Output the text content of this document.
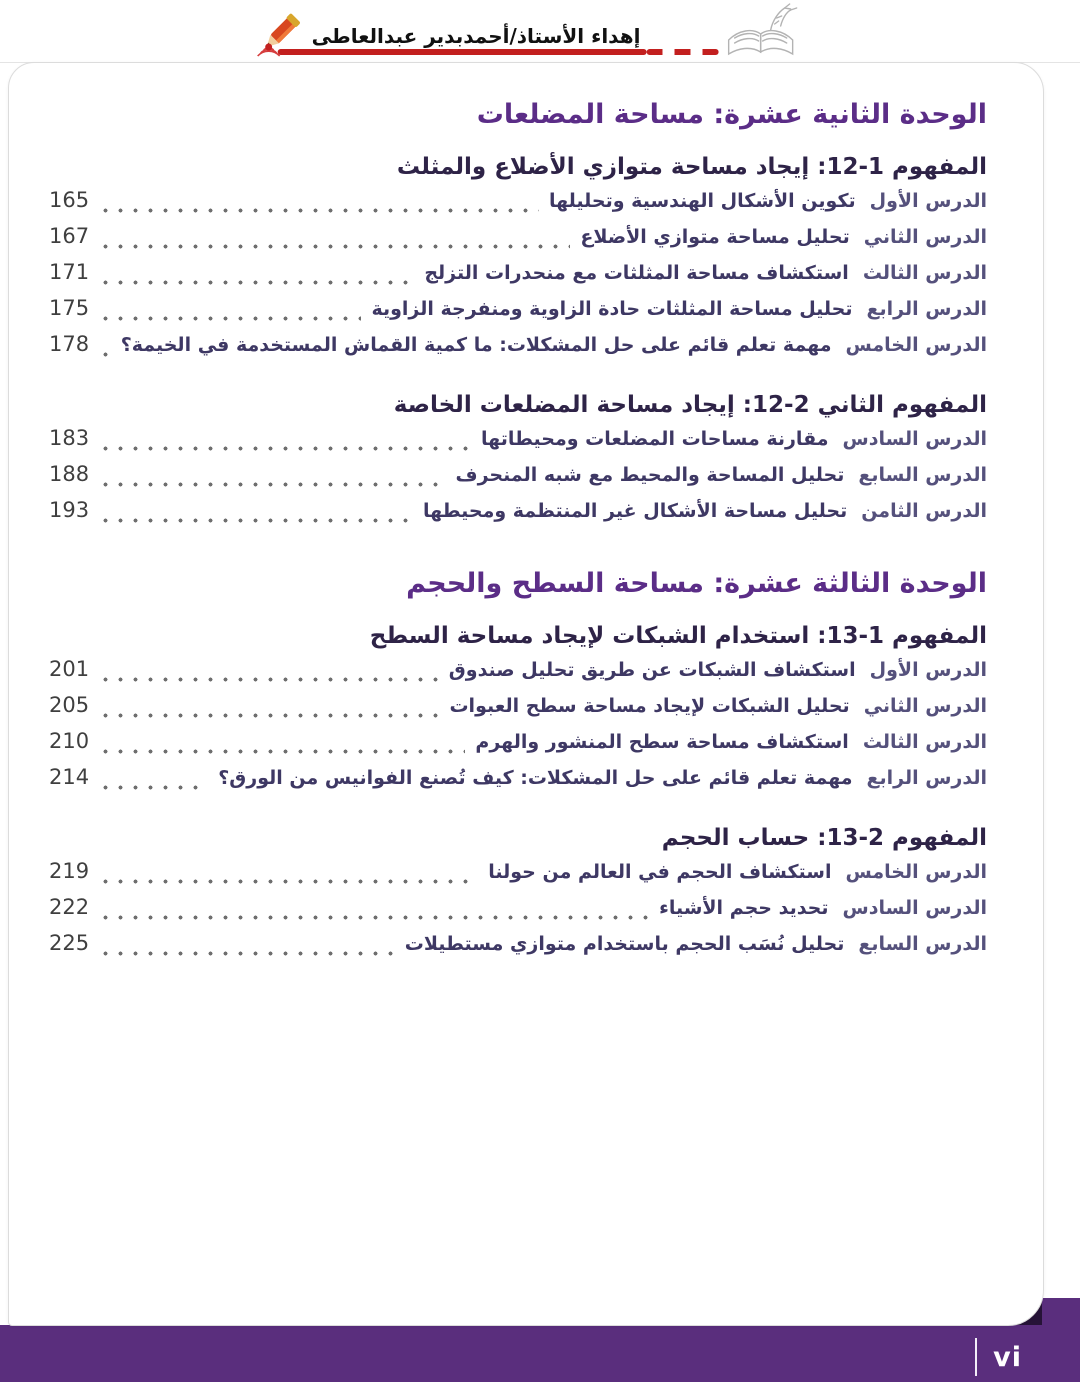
إهداء الأستاذ/أحمدبدير عبدالعاطى
vi
الوحدة الثانية عشرة: مساحة المضلعات
المفهوم 1-12: إيجاد مساحة متوازي الأضلاع والمثلث
الدرس الأول
تكوين الأشكال الهندسية وتحليلها
165
الدرس الثاني
تحليل مساحة متوازي الأضلاع
167
الدرس الثالث
استكشاف مساحة المثلثات مع منحدرات التزلج
171
الدرس الرابع
تحليل مساحة المثلثات حادة الزاوية ومنفرجة الزاوية
175
الدرس الخامس
مهمة تعلم قائم على حل المشكلات: ما كمية القماش المستخدمة في الخيمة؟
178
المفهوم الثاني 2-12: إيجاد مساحة المضلعات الخاصة
الدرس السادس
مقارنة مساحات المضلعات ومحيطاتها
183
الدرس السابع
تحليل المساحة والمحيط مع شبه المنحرف
188
الدرس الثامن
تحليل مساحة الأشكال غير المنتظمة ومحيطها
193
الوحدة الثالثة عشرة: مساحة السطح والحجم
المفهوم 1-13: استخدام الشبكات لإيجاد مساحة السطح
الدرس الأول
استكشاف الشبكات عن طريق تحليل صندوق
201
الدرس الثاني
تحليل الشبكات لإيجاد مساحة سطح العبوات
205
الدرس الثالث
استكشاف مساحة سطح المنشور والهرم
210
الدرس الرابع
مهمة تعلم قائم على حل المشكلات: كيف تُصنع الفوانيس من الورق؟
214
المفهوم 2-13: حساب الحجم
الدرس الخامس
استكشاف الحجم في العالم من حولنا
219
الدرس السادس
تحديد حجم الأشياء
222
الدرس السابع
تحليل نُسَب الحجم باستخدام متوازي مستطيلات
225
